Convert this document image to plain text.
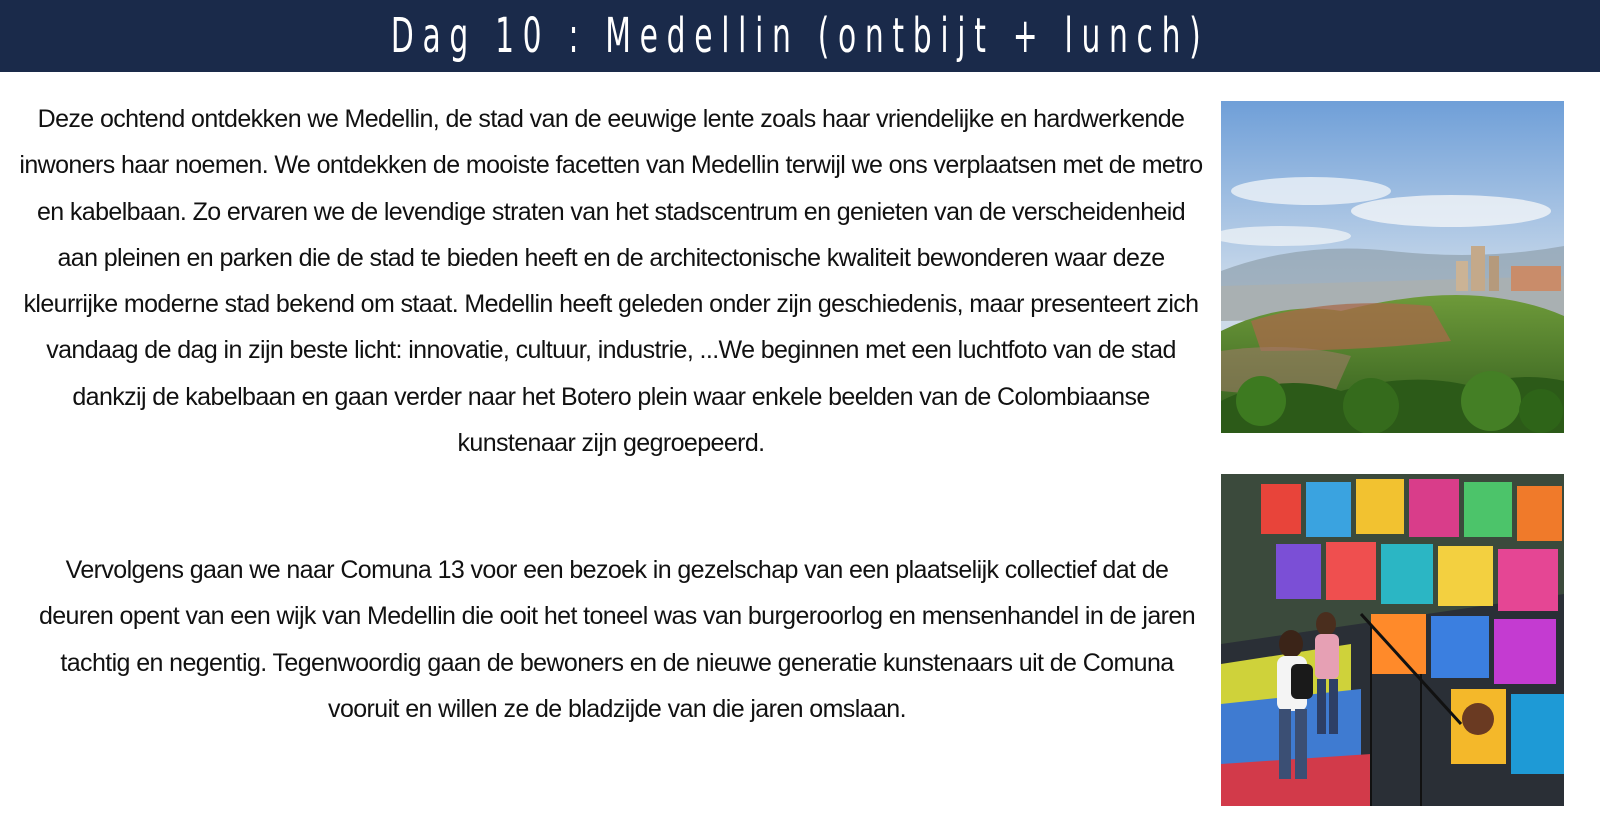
Dag 10 : Medellin (ontbijt + lunch)

Deze ochtend ontdekken we Medellin, de stad van de eeuwige lente zoals haar vriendelijke en hardwerkende inwoners haar noemen. We ontdekken de mooiste facetten van Medellin terwijl we ons verplaatsen met de metro en kabelbaan. Zo ervaren we de levendige straten van het stadscentrum en genieten van de verscheidenheid aan pleinen en parken die de stad te bieden heeft en de architectonische kwaliteit bewonderen waar deze kleurrijke moderne stad bekend om staat. Medellin heeft geleden onder zijn geschiedenis, maar presenteert zich vandaag de dag in zijn beste licht: innovatie, cultuur, industrie, ...We beginnen met een luchtfoto van de stad dankzij de kabelbaan en gaan verder naar het Botero plein waar enkele beelden van de Colombiaanse kunstenaar zijn gegroepeerd.

Vervolgens gaan we naar Comuna 13 voor een bezoek in gezelschap van een plaatselijk collectief dat de deuren opent van een wijk van Medellin die ooit het toneel was van burgeroorlog en mensenhandel in de jaren tachtig en negentig. Tegenwoordig gaan de bewoners en de nieuwe generatie kunstenaars uit de Comuna vooruit en willen ze de bladzijde van die jaren omslaan.
